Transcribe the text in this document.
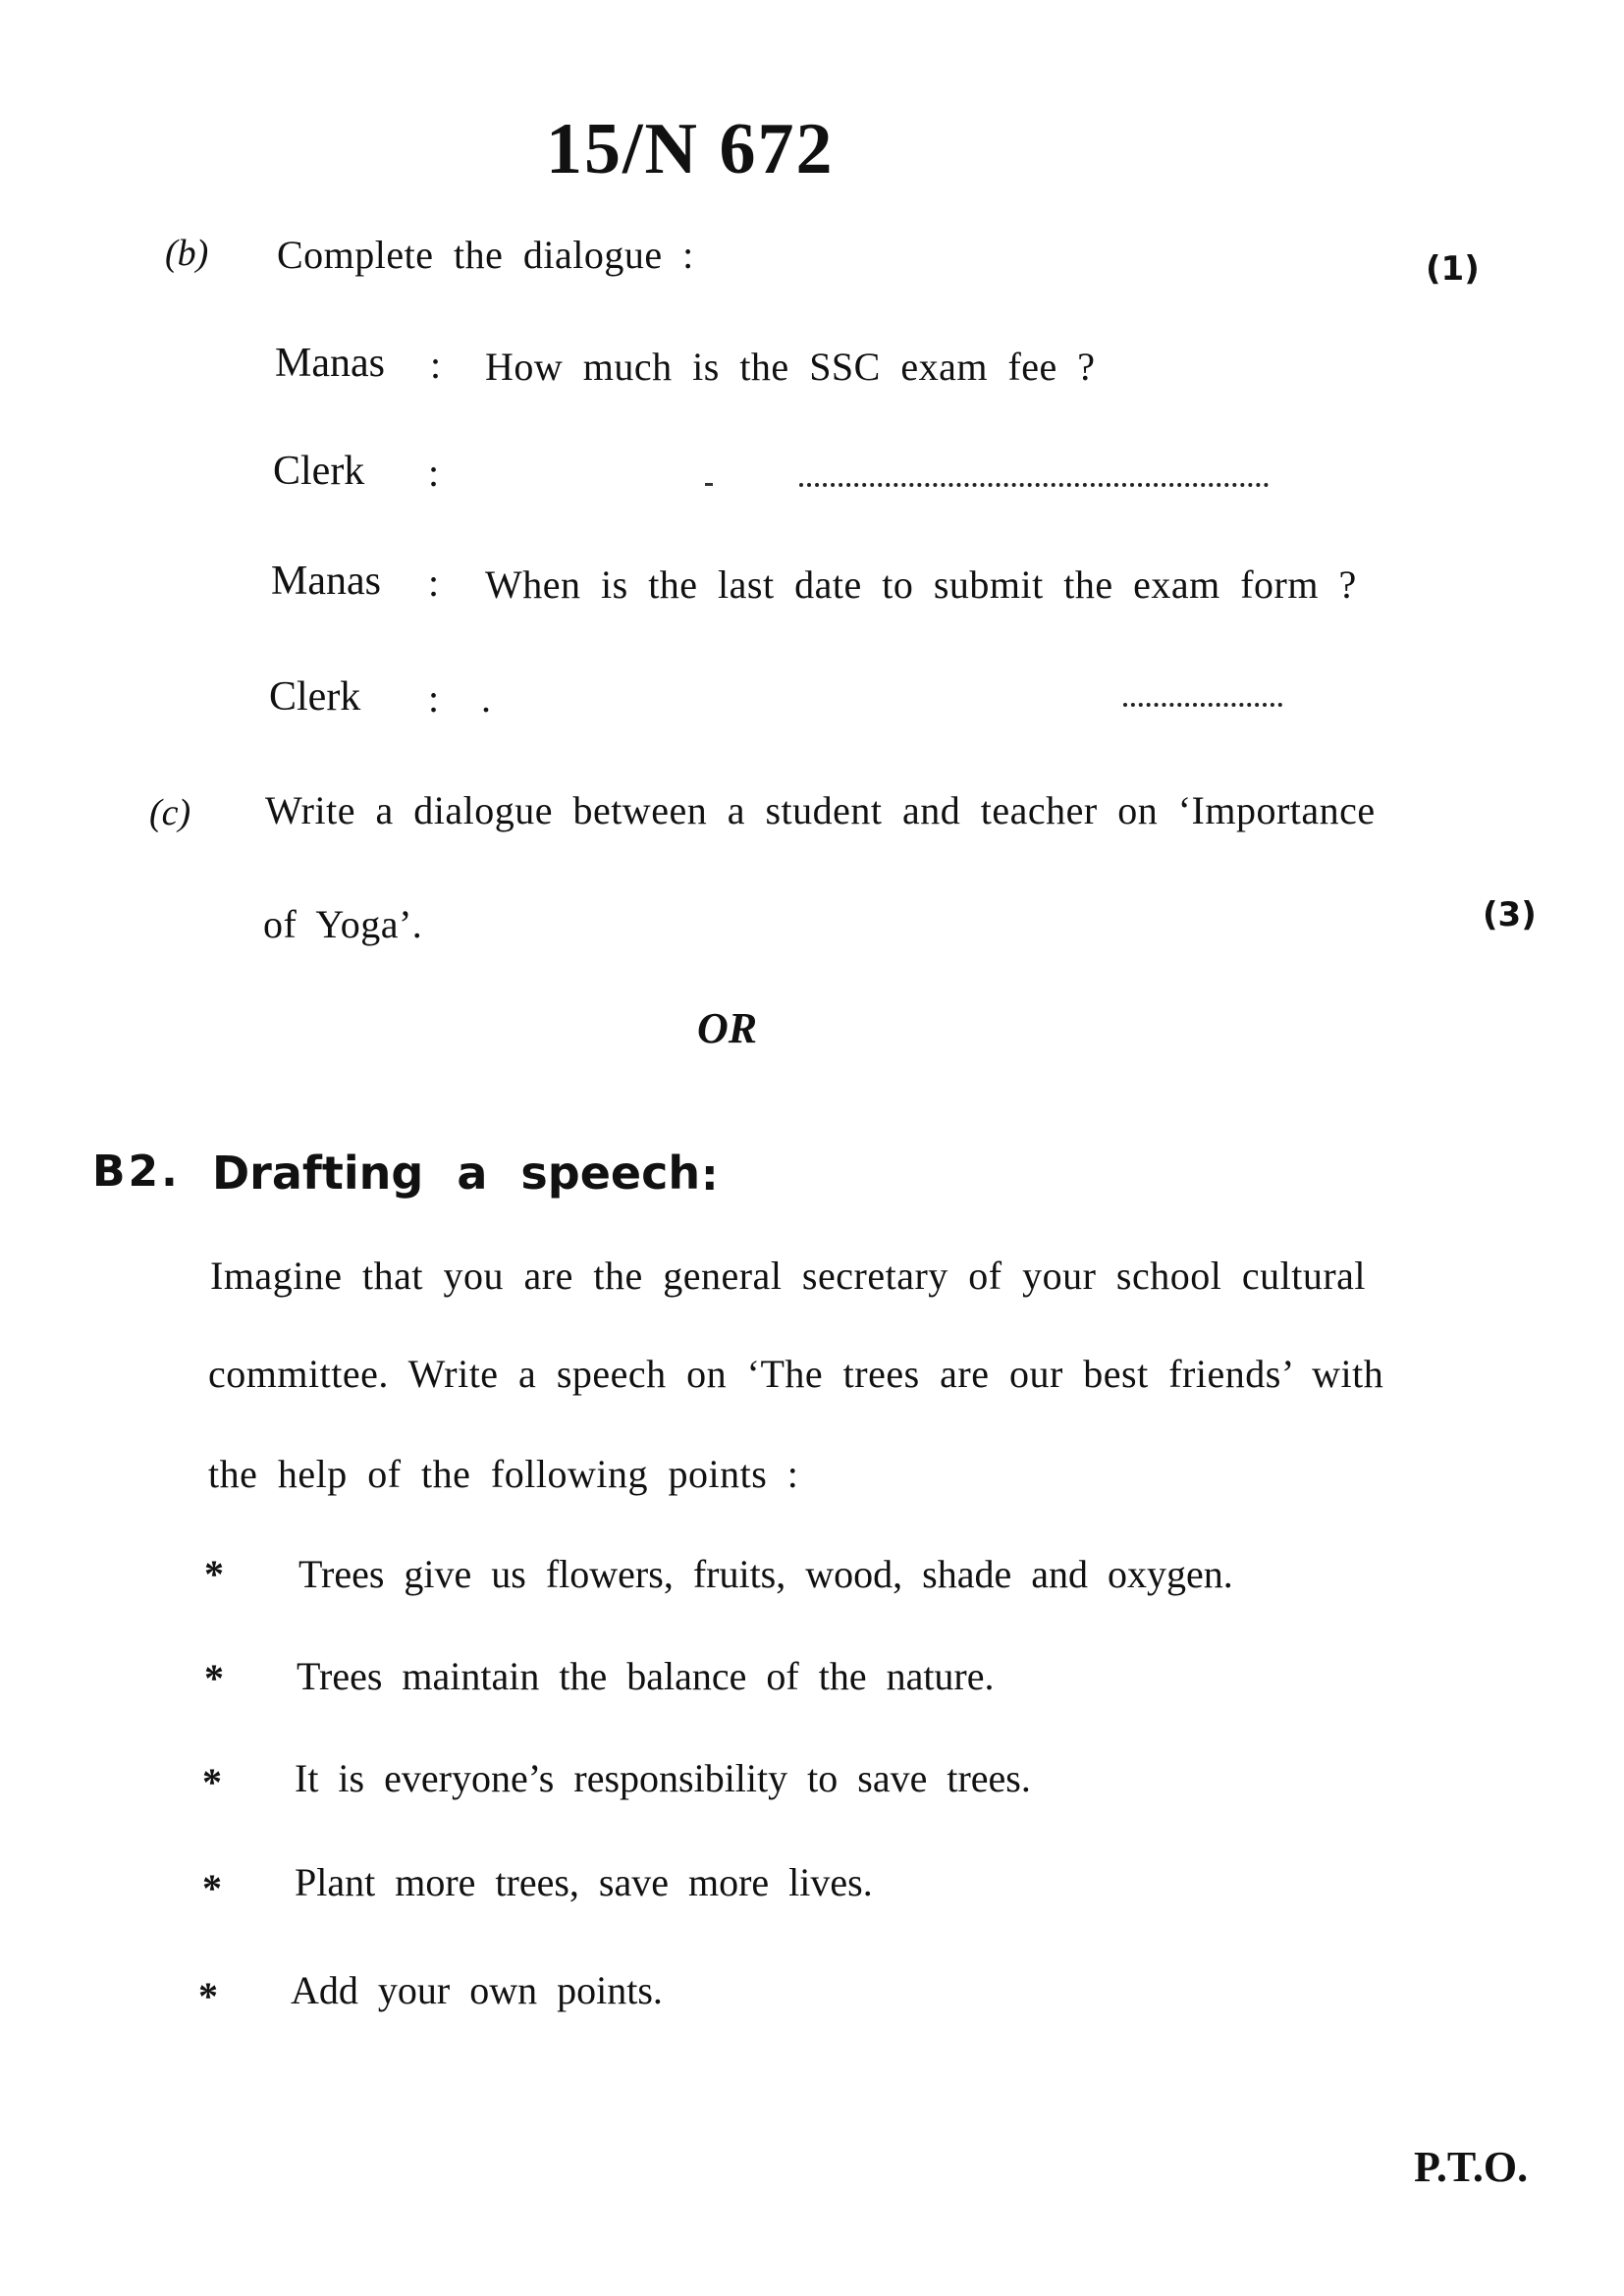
15/N 672
(b) Complete the dialogue :	(1)
Manas : How much is the SSC exam fee ?
Clerk :
Manas : When is the last date to submit the exam form ?
Clerk : .
(c) Write a dialogue between a student and teacher on ‘Importance
of Yoga’.	(3)
OR
B2. Drafting a speech :
Imagine that you are the general secretary of your school cultural
committee. Write a speech on ‘The trees are our best friends’ with
the help of the following points :
* Trees give us flowers, fruits, wood, shade and oxygen.
* Trees maintain the balance of the nature.
* It is everyone’s responsibility to save trees.
* Plant more trees, save more lives.
* Add your own points.
P.T.O.
